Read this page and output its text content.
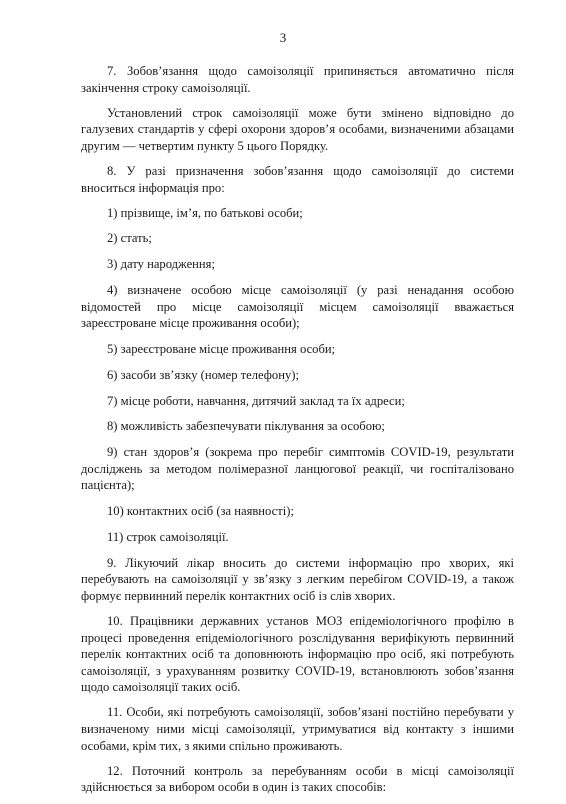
3

7. Зобов’язання щодо самоізоляції припиняється автоматично після закінчення строку самоізоляції.

Установлений строк самоізоляції може бути змінено відповідно до галузевих стандартів у сфері охорони здоров’я особами, визначеними абзацами другим — четвертим пункту 5 цього Порядку.

8. У разі призначення зобов’язання щодо самоізоляції до системи вноситься інформація про:

1) прізвище, ім’я, по батькові особи;

2) стать;

3) дату народження;

4) визначене особою місце самоізоляції (у разі ненадання особою відомостей про місце самоізоляції місцем самоізоляції вважається зареєстроване місце проживання особи);

5) зареєстроване місце проживання особи;

6) засоби зв’язку (номер телефону);

7) місце роботи, навчання, дитячий заклад та їх адреси;

8) можливість забезпечувати піклування за особою;

9) стан здоров’я (зокрема про перебіг симптомів COVID-19, результати досліджень за методом полімеразної ланцюгової реакції, чи госпіталізовано пацієнта);

10) контактних осіб (за наявності);

11) строк самоізоляції.

9. Лікуючий лікар вносить до системи інформацію про хворих, які перебувають на самоізоляції у зв’язку з легким перебігом COVID-19, а також формує первинний перелік контактних осіб із слів хворих.

10. Працівники державних установ МОЗ епідеміологічного профілю в процесі проведення епідеміологічного розслідування верифікують первинний перелік контактних осіб та доповнюють інформацію про осіб, які потребують самоізоляції, з урахуванням розвитку COVID-19, встановлюють зобов’язання щодо самоізоляції таких осіб.

11. Особи, які потребують самоізоляції, зобов’язані постійно перебувати у визначеному ними місці самоізоляції, утримуватися від контакту з іншими особами, крім тих, з якими спільно проживають.

12. Поточний контроль за перебуванням особи в місці самоізоляції здійснюється за вибором особи в один із таких способів:
